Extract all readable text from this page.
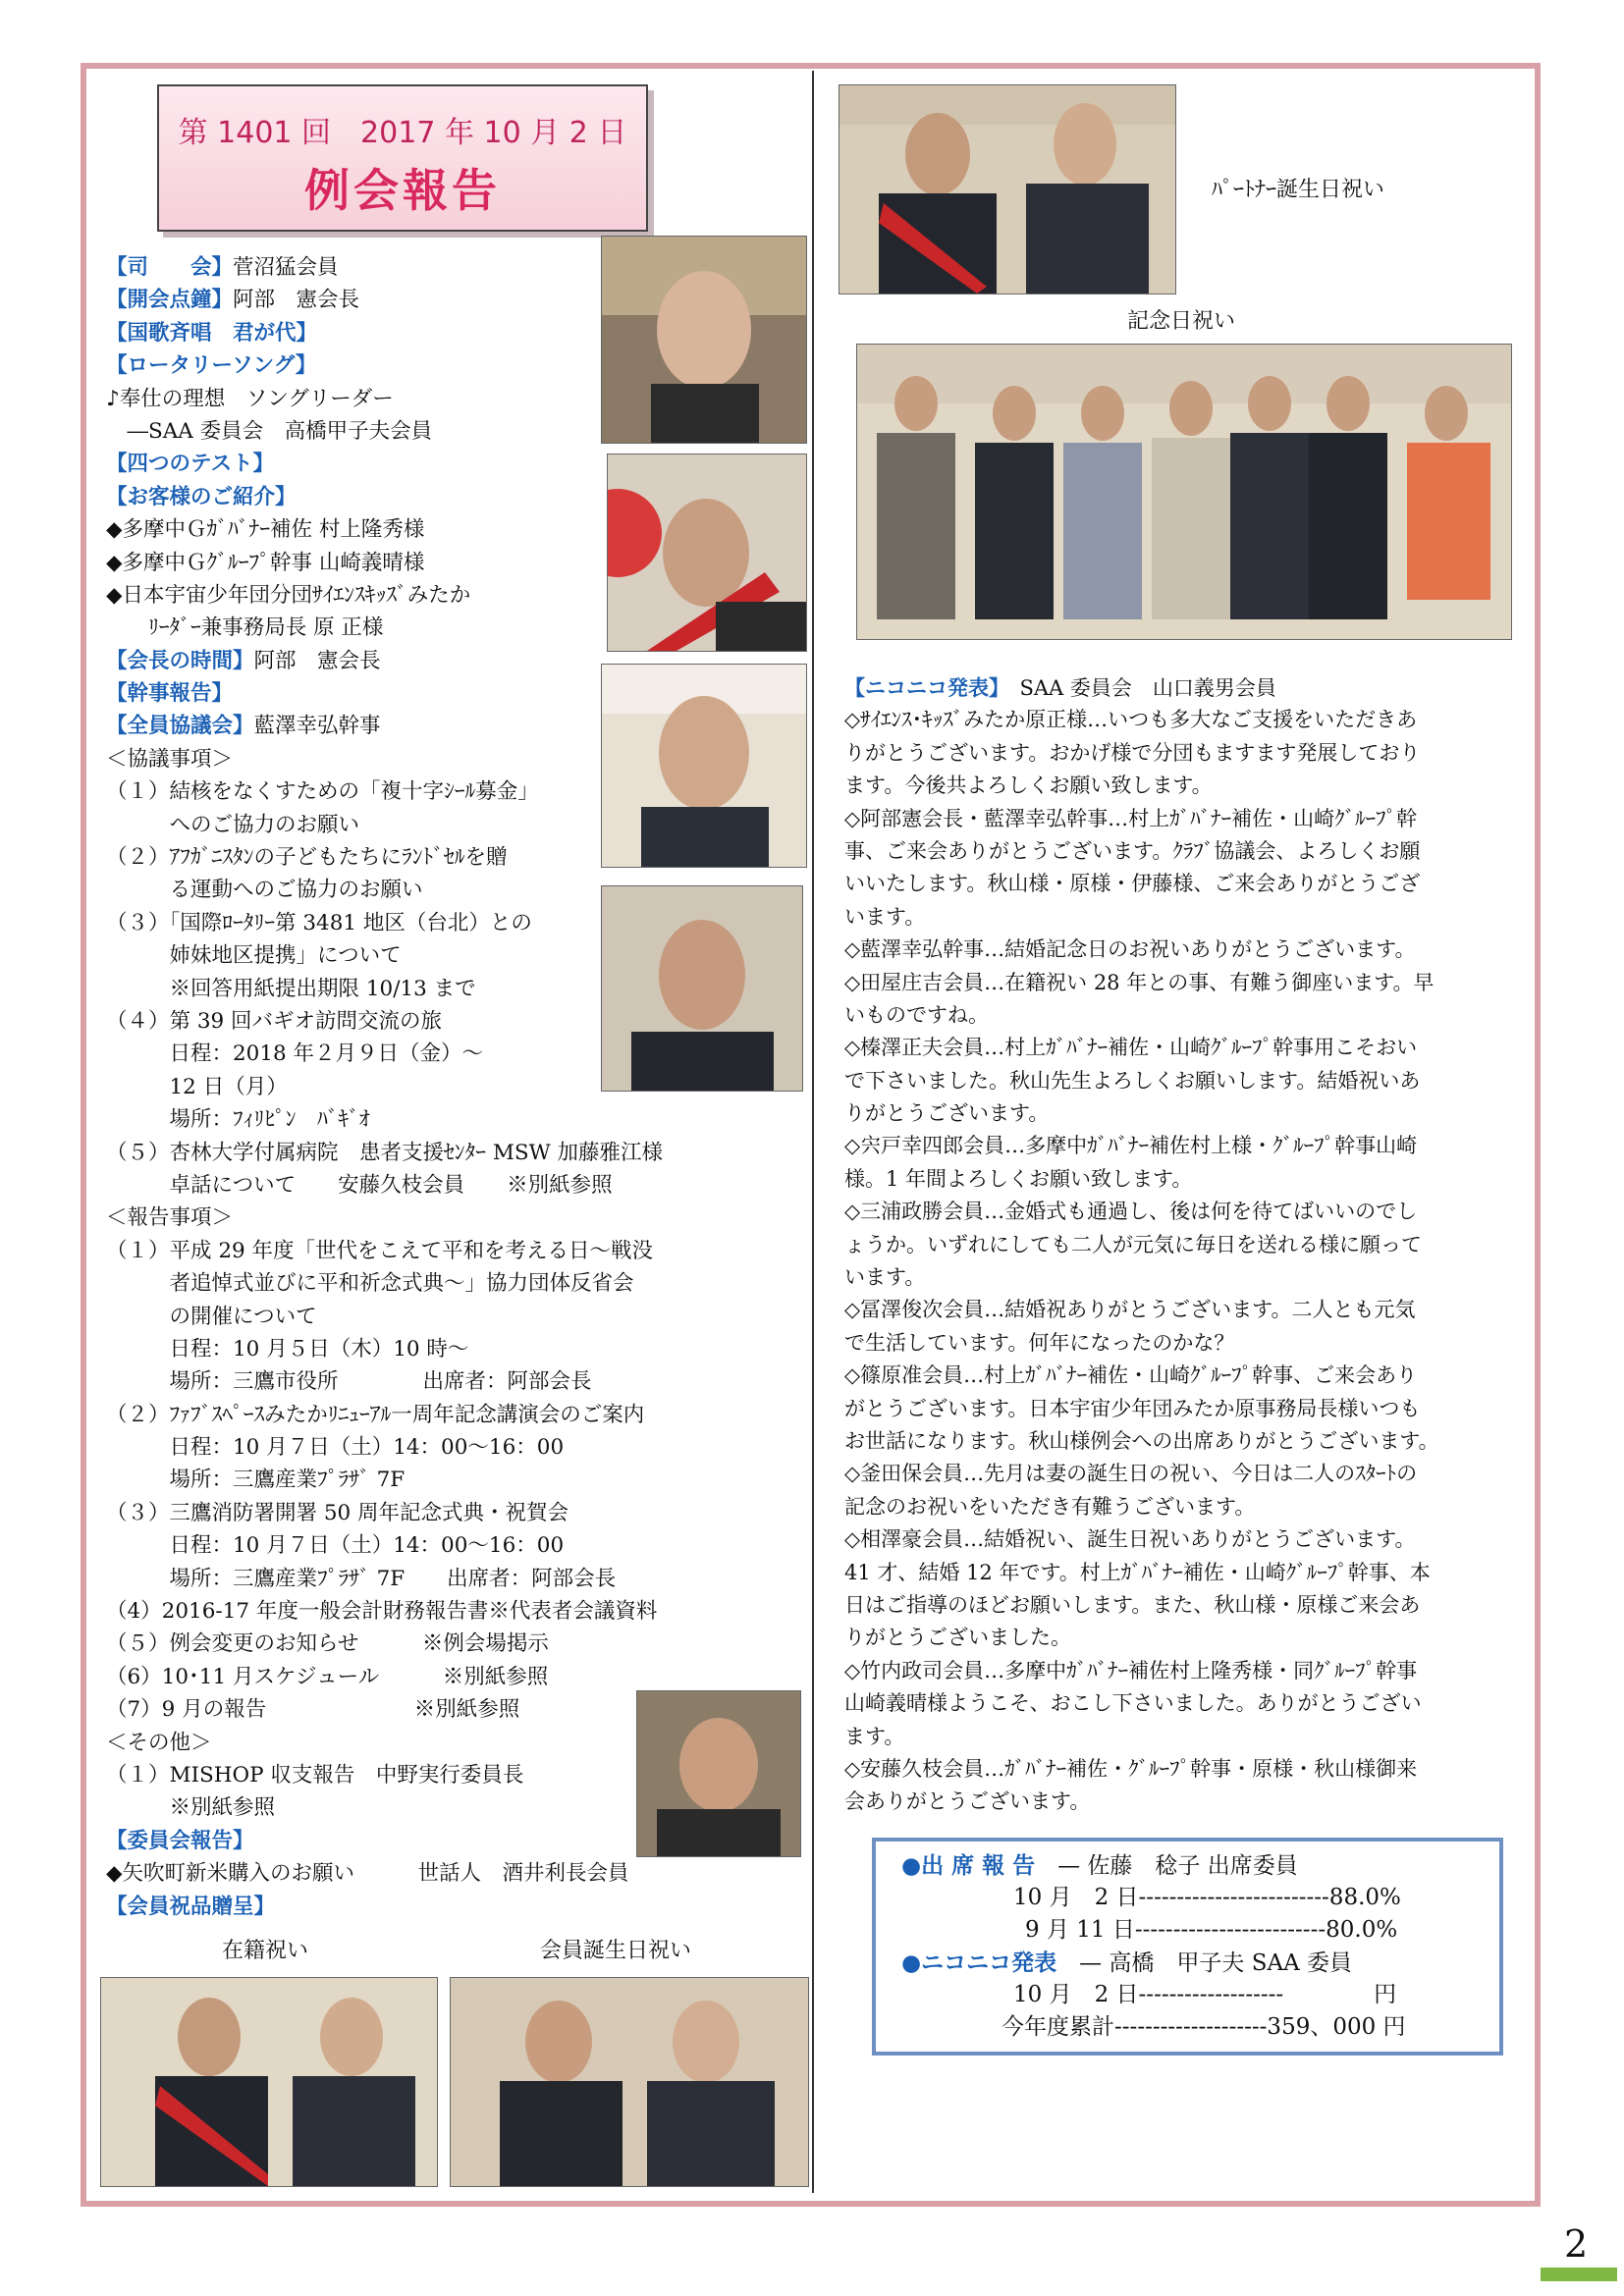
第 1401 回　2017 年 10 月 2 日
例会報告
【司　　会】菅沼猛会員
【開会点鐘】阿部　憲会長
【国歌斉唱　君が代】
【ロータリーソング】
♪奉仕の理想　ソングリーダー
　―SAA 委員会　高橋甲子夫会員
【四つのテスト】
【お客様のご紹介】
◆多摩中Ｇｶﾞﾊﾞﾅｰ補佐 村上隆秀様
◆多摩中Ｇｸﾞﾙｰﾌﾟ幹事 山崎義晴様
◆日本宇宙少年団分団ｻｲｴﾝｽｷｯｽﾞみたか
　　ﾘｰﾀﾞｰ兼事務局長 原 正様
【会長の時間】阿部　憲会長
【幹事報告】
【全員協議会】藍澤幸弘幹事
＜協議事項＞
（１）結核をなくすための「複十字ｼｰﾙ募金」
　　　へのご協力のお願い
（２）ｱﾌｶﾞﾆｽﾀﾝの子どもたちにﾗﾝﾄﾞｾﾙを贈
　　　る運動へのご協力のお願い
（３）「国際ﾛｰﾀﾘｰ第 3481 地区（台北）との
　　　姉妹地区提携」について
　　　※回答用紙提出期限 10/13 まで
（４）第 39 回バギオ訪問交流の旅
　　　日程：2018 年２月９日（金）～
　　　12 日（月）
　　　場所：ﾌｨﾘﾋﾟﾝ　ﾊﾞｷﾞｵ
（５）杏林大学付属病院　患者支援ｾﾝﾀｰ MSW 加藤雅江様
　　　卓話について　　安藤久枝会員　　※別紙参照
＜報告事項＞
（１）平成 29 年度「世代をこえて平和を考える日～戦没
　　　者追悼式並びに平和祈念式典～」協力団体反省会
　　　の開催について
　　　日程：10 月５日（木）10 時～
　　　場所：三鷹市役所　　　　出席者：阿部会長
（２）ﾌｧﾌﾞｽﾍﾟｰｽみたかﾘﾆｭｰｱﾙ一周年記念講演会のご案内
　　　日程：10 月７日（土）14：00～16：00
　　　場所：三鷹産業ﾌﾟﾗｻﾞ 7F
（３）三鷹消防署開署 50 周年記念式典・祝賀会
　　　日程：10 月７日（土）14：00～16：00
　　　場所：三鷹産業ﾌﾟﾗｻﾞ 7F　　出席者：阿部会長
（4）2016-17 年度一般会計財務報告書※代表者会議資料
（５）例会変更のお知らせ　　　※例会場掲示
（6）10･11 月スケジュール　　　※別紙参照
（7）9 月の報告　　　　　　　※別紙参照
＜その他＞
（１）MISHOP 収支報告　中野実行委員長
　　　※別紙参照
【委員会報告】
◆矢吹町新米購入のお願い　　　世話人　酒井利長会員
【会員祝品贈呈】
在籍祝い	会員誕生日祝い
ﾊﾟｰﾄﾅｰ誕生日祝い
記念日祝い
【ニコニコ発表】　SAA 委員会　山口義男会員
◇ｻｲｴﾝｽ･ｷｯｽﾞみたか原正様…いつも多大なご支援をいただきあ
りがとうございます。おかげ様で分団もますます発展しており
ます。今後共よろしくお願い致します。
◇阿部憲会長・藍澤幸弘幹事…村上ｶﾞﾊﾞﾅｰ補佐・山崎ｸﾞﾙｰﾌﾟ幹
事、ご来会ありがとうございます。ｸﾗﾌﾞ協議会、よろしくお願
いいたします。秋山様・原様・伊藤様、ご来会ありがとうござ
います。
◇藍澤幸弘幹事…結婚記念日のお祝いありがとうございます。
◇田屋庄吉会員…在籍祝い 28 年との事、有難う御座います。早
いものですね。
◇榛澤正夫会員…村上ｶﾞﾊﾞﾅｰ補佐・山崎ｸﾞﾙｰﾌﾟ幹事用こそおい
で下さいました。秋山先生よろしくお願いします。結婚祝いあ
りがとうございます。
◇宍戸幸四郎会員…多摩中ｶﾞﾊﾞﾅｰ補佐村上様・ｸﾞﾙｰﾌﾟ幹事山崎
様。1 年間よろしくお願い致します。
◇三浦政勝会員…金婚式も通過し、後は何を待てばいいのでし
ょうか。いずれにしても二人が元気に毎日を送れる様に願って
います。
◇冨澤俊次会員…結婚祝ありがとうございます。二人とも元気
で生活しています。何年になったのかな？
◇篠原准会員…村上ｶﾞﾊﾞﾅｰ補佐・山崎ｸﾞﾙｰﾌﾟ幹事、ご来会あり
がとうございます。日本宇宙少年団みたか原事務局長様いつも
お世話になります。秋山様例会への出席ありがとうございます。
◇釜田保会員…先月は妻の誕生日の祝い、今日は二人のｽﾀｰﾄの
記念のお祝いをいただき有難うございます。
◇相澤豪会員…結婚祝い、誕生日祝いありがとうございます。
41 才、結婚 12 年です。村上ｶﾞﾊﾞﾅｰ補佐・山崎ｸﾞﾙｰﾌﾟ幹事、本
日はご指導のほどお願いします。また、秋山様・原様ご来会あ
りがとうございました。
◇竹内政司会員…多摩中ｶﾞﾊﾞﾅｰ補佐村上隆秀様・同ｸﾞﾙｰﾌﾟ幹事
山崎義晴様ようこそ、おこし下さいました。ありがとうござい
ます。
◇安藤久枝会員…ｶﾞﾊﾞﾅｰ補佐・ｸﾞﾙｰﾌﾟ幹事・原様・秋山様御来
会ありがとうございます。
●出 席 報 告　 — 佐藤　稔子 出席委員
10 月　2 日-------------------------88.0%
9 月 11 日-------------------------80.0%
●ニコニコ発表　 — 高橋　甲子夫 SAA 委員
10 月　2 日-------------------　　　　円
今年度累計--------------------359、000 円
2
